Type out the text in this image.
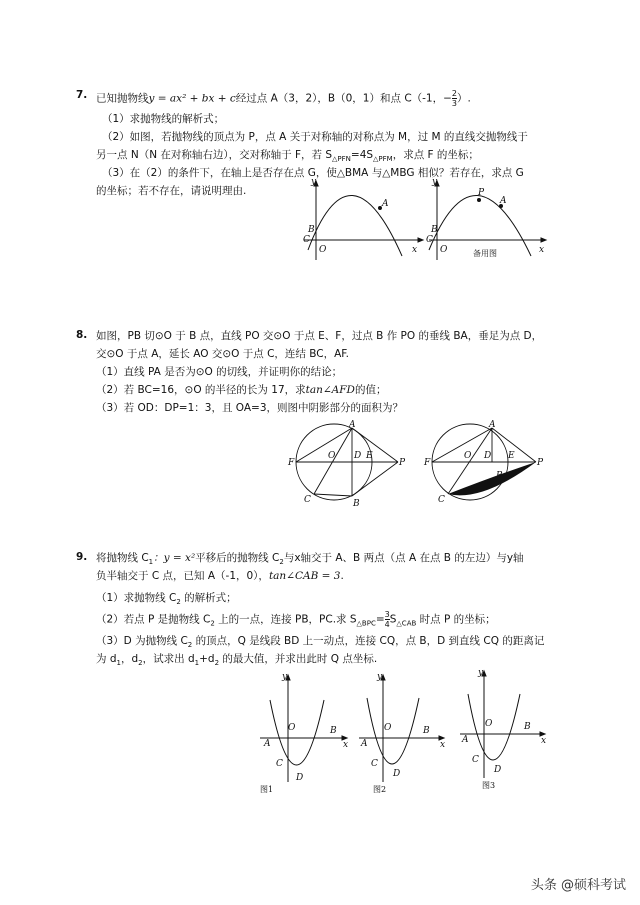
7. 已知抛物线y = ax² + bx + c经过点 A（3，2），B（0，1）和点 C（-1，− $\frac{2}{3}$ ）.
（1）求抛物线的解析式；
（2）如图，若抛物线的顶点为 P，点 A 关于对称轴的对称点为 M，过 M 的直线交抛物线于
另一点 N（N 在对称轴右边），交对称轴于 F，若 $S_{\triangle PFN}=4S_{\triangle PFM}$，求点 F 的坐标；
（3）在（2）的条件下，在轴上是否存在点 G，使△BMA 与△MBG 相似？若存在，求点 G
的坐标；若不存在，请说明理由.
y
A
B
C
O	x
y
P
A
B
C
O	x
备用图
8. 如图，PB 切⊙O 于 B 点，直线 PO 交⊙O 于点 E、F，过点 B 作 PO 的垂线 BA，垂足为点 D，
交⊙O 于点 A，延长 AO 交⊙O 于点 C，连结 BC，AF.
（1）直线 PA 是否为⊙O 的切线，并证明你的结论；
（2）若 BC=16，⊙O 的半径的长为 17，求tan∠AFD的值；
（3）若 OD：DP=1：3，且 OA=3，则图中阴影部分的面积为？
A
F
O D E
P
C	B
A
F
O D E
P
C
B
9. 将抛物线 $C_1$：y = x²平移后的抛物线 $C_2$与x轴交于 A、B 两点（点 A 在点 B 的左边）与y轴
负半轴交于 C 点，已知 A（-1，0），tan∠CAB = 3.
（1）求抛物线 $C_2$ 的解析式；
（2）若点 P 是抛物线 $C_2$ 上的一点，连接 PB，PC.求 $S_{\triangle BPC}= \frac{3}{4} S_{\triangle CAB}$ 时点 P 的坐标；
（3）D 为抛物线 $C_2$ 的顶点，Q 是线段 BD 上一动点，连接 CQ，点 B，D 到直线 CQ 的距离记
为 $d_1$，$d_2$，试求出 $d_1+d_2$ 的最大值，并求出此时 Q 点坐标.
y
O
A
B
C
D
x
图1
y
O
A
B
C
D
x
图2
y
O
A
B
C
D
x
图3
头条 @硕科考试
